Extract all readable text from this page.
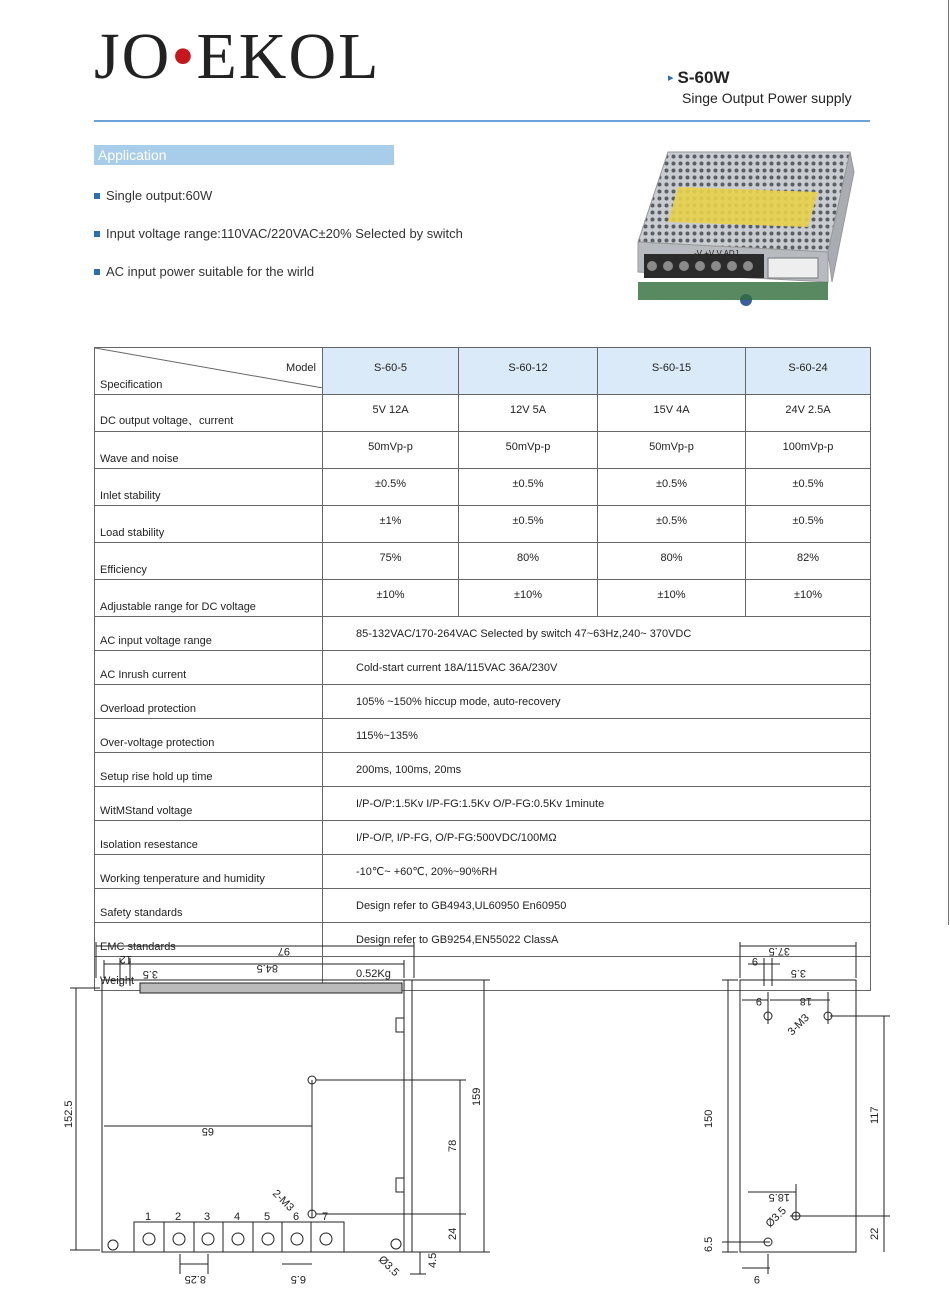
JO•EKOL	▸ S-60W
Singe Output Power supply
Application
Single output:60W
Input voltage range:110VAC/220VAC±20% Selected by switch
AC input power suitable for the wirld
-V +V V ADJ
Model
Specification	S-60-5	S-60-12	S-60-15	S-60-24
DC output voltage、current	5V 12A	12V 5A	15V 4A	24V 2.5A
Wave and noise	50mVp-p	50mVp-p	50mVp-p	100mVp-p
Inlet stability	±0.5%	±0.5%	±0.5%	±0.5%
Load stability	±1%	±0.5%	±0.5%	±0.5%
Efficiency	75%	80%	80%	82%
Adjustable range for DC voltage	±10%	±10%	±10%	±10%
AC input voltage range	85-132VAC/170-264VAC Selected by switch 47~63Hz,240~ 370VDC			
AC Inrush current	Cold-start current 18A/115VAC 36A/230V			
Overload protection	105% ~150% hiccup mode, auto-recovery			
Over-voltage protection	115%~135%			
Setup rise hold up time	200ms, 100ms, 20ms			
WitMStand voltage	I/P-O/P:1.5Kv I/P-FG:1.5Kv O/P-FG:0.5Kv 1minute			
Isolation resestance	I/P-O/P, I/P-FG, O/P-FG:500VDC/100MΩ			
Working tenperature and humidity	-10℃~ +60℃, 20%~90%RH			
Safety standards	Design refer to GB4943,UL60950 En60950			
EMC standards	Design refer to GB9254,EN55022 ClassA			
Weight	0.52Kg			
97
84.5
12
3.5
152.5
159
65
78
24
4.5
8.25	6.5
Ø3.5
2-M3
1 2 3 4 5 6 7
37.5
9
3.5
9	18
3-M3
150	117
18.5
Ø3.5
6.5
22
9
